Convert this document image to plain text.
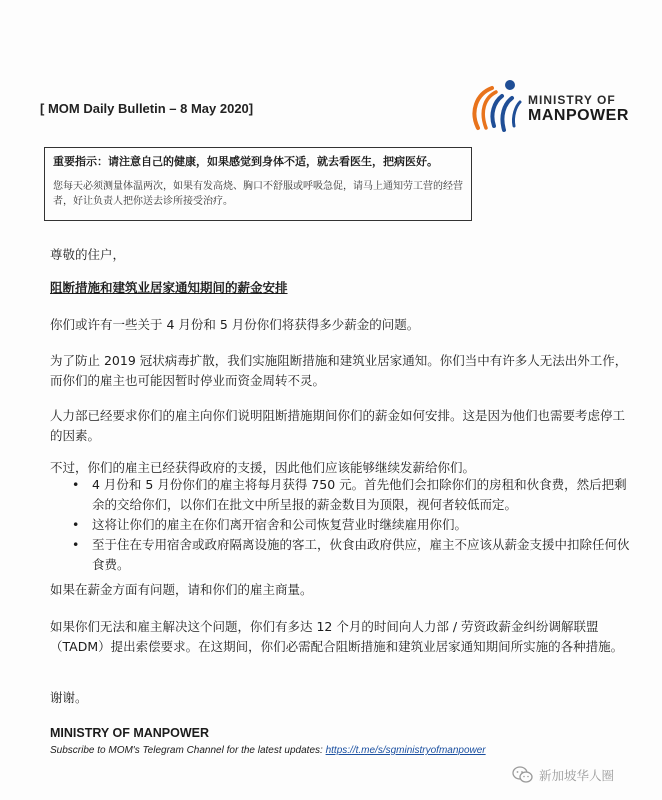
[ MOM Daily Bulletin – 8 May 2020]
MINISTRY OF
MANPOWER
重要指示：请注意自己的健康，如果感觉到身体不适，就去看医生，把病医好。
您每天必须测量体温两次，如果有发高烧、胸口不舒服或呼吸急促，请马上通知劳工营的经营者，好让负责人把你送去诊所接受治疗。
尊敬的住户，
阻断措施和建筑业居家通知期间的薪金安排
你们或许有一些关于 4 月份和 5 月份你们将获得多少薪金的问题。
为了防止 2019 冠状病毒扩散，我们实施阻断措施和建筑业居家通知。你们当中有许多人无法出外工作，而你们的雇主也可能因暂时停业而资金周转不灵。
人力部已经要求你们的雇主向你们说明阻断措施期间你们的薪金如何安排。这是因为他们也需要考虑停工的因素。
不过，你们的雇主已经获得政府的支援，因此他们应该能够继续发薪给你们。
• 4 月份和 5 月份你们的雇主将每月获得 750 元。首先他们会扣除你们的房租和伙食费，然后把剩余的交给你们，以你们在批文中所呈报的薪金数目为顶限，视何者较低而定。
• 这将让你们的雇主在你们离开宿舍和公司恢复营业时继续雇用你们。
• 至于住在专用宿舍或政府隔离设施的客工，伙食由政府供应，雇主不应该从薪金支援中扣除任何伙食费。
如果在薪金方面有问题，请和你们的雇主商量。
如果你们无法和雇主解决这个问题，你们有多达 12 个月的时间向人力部 / 劳资政薪金纠纷调解联盟（TADM）提出索偿要求。在这期间，你们必需配合阻断措施和建筑业居家通知期间所实施的各种措施。
谢谢。
MINISTRY OF MANPOWER
Subscribe to MOM's Telegram Channel for the latest updates: https://t.me/s/sgministryofmanpower
新加坡华人圈
